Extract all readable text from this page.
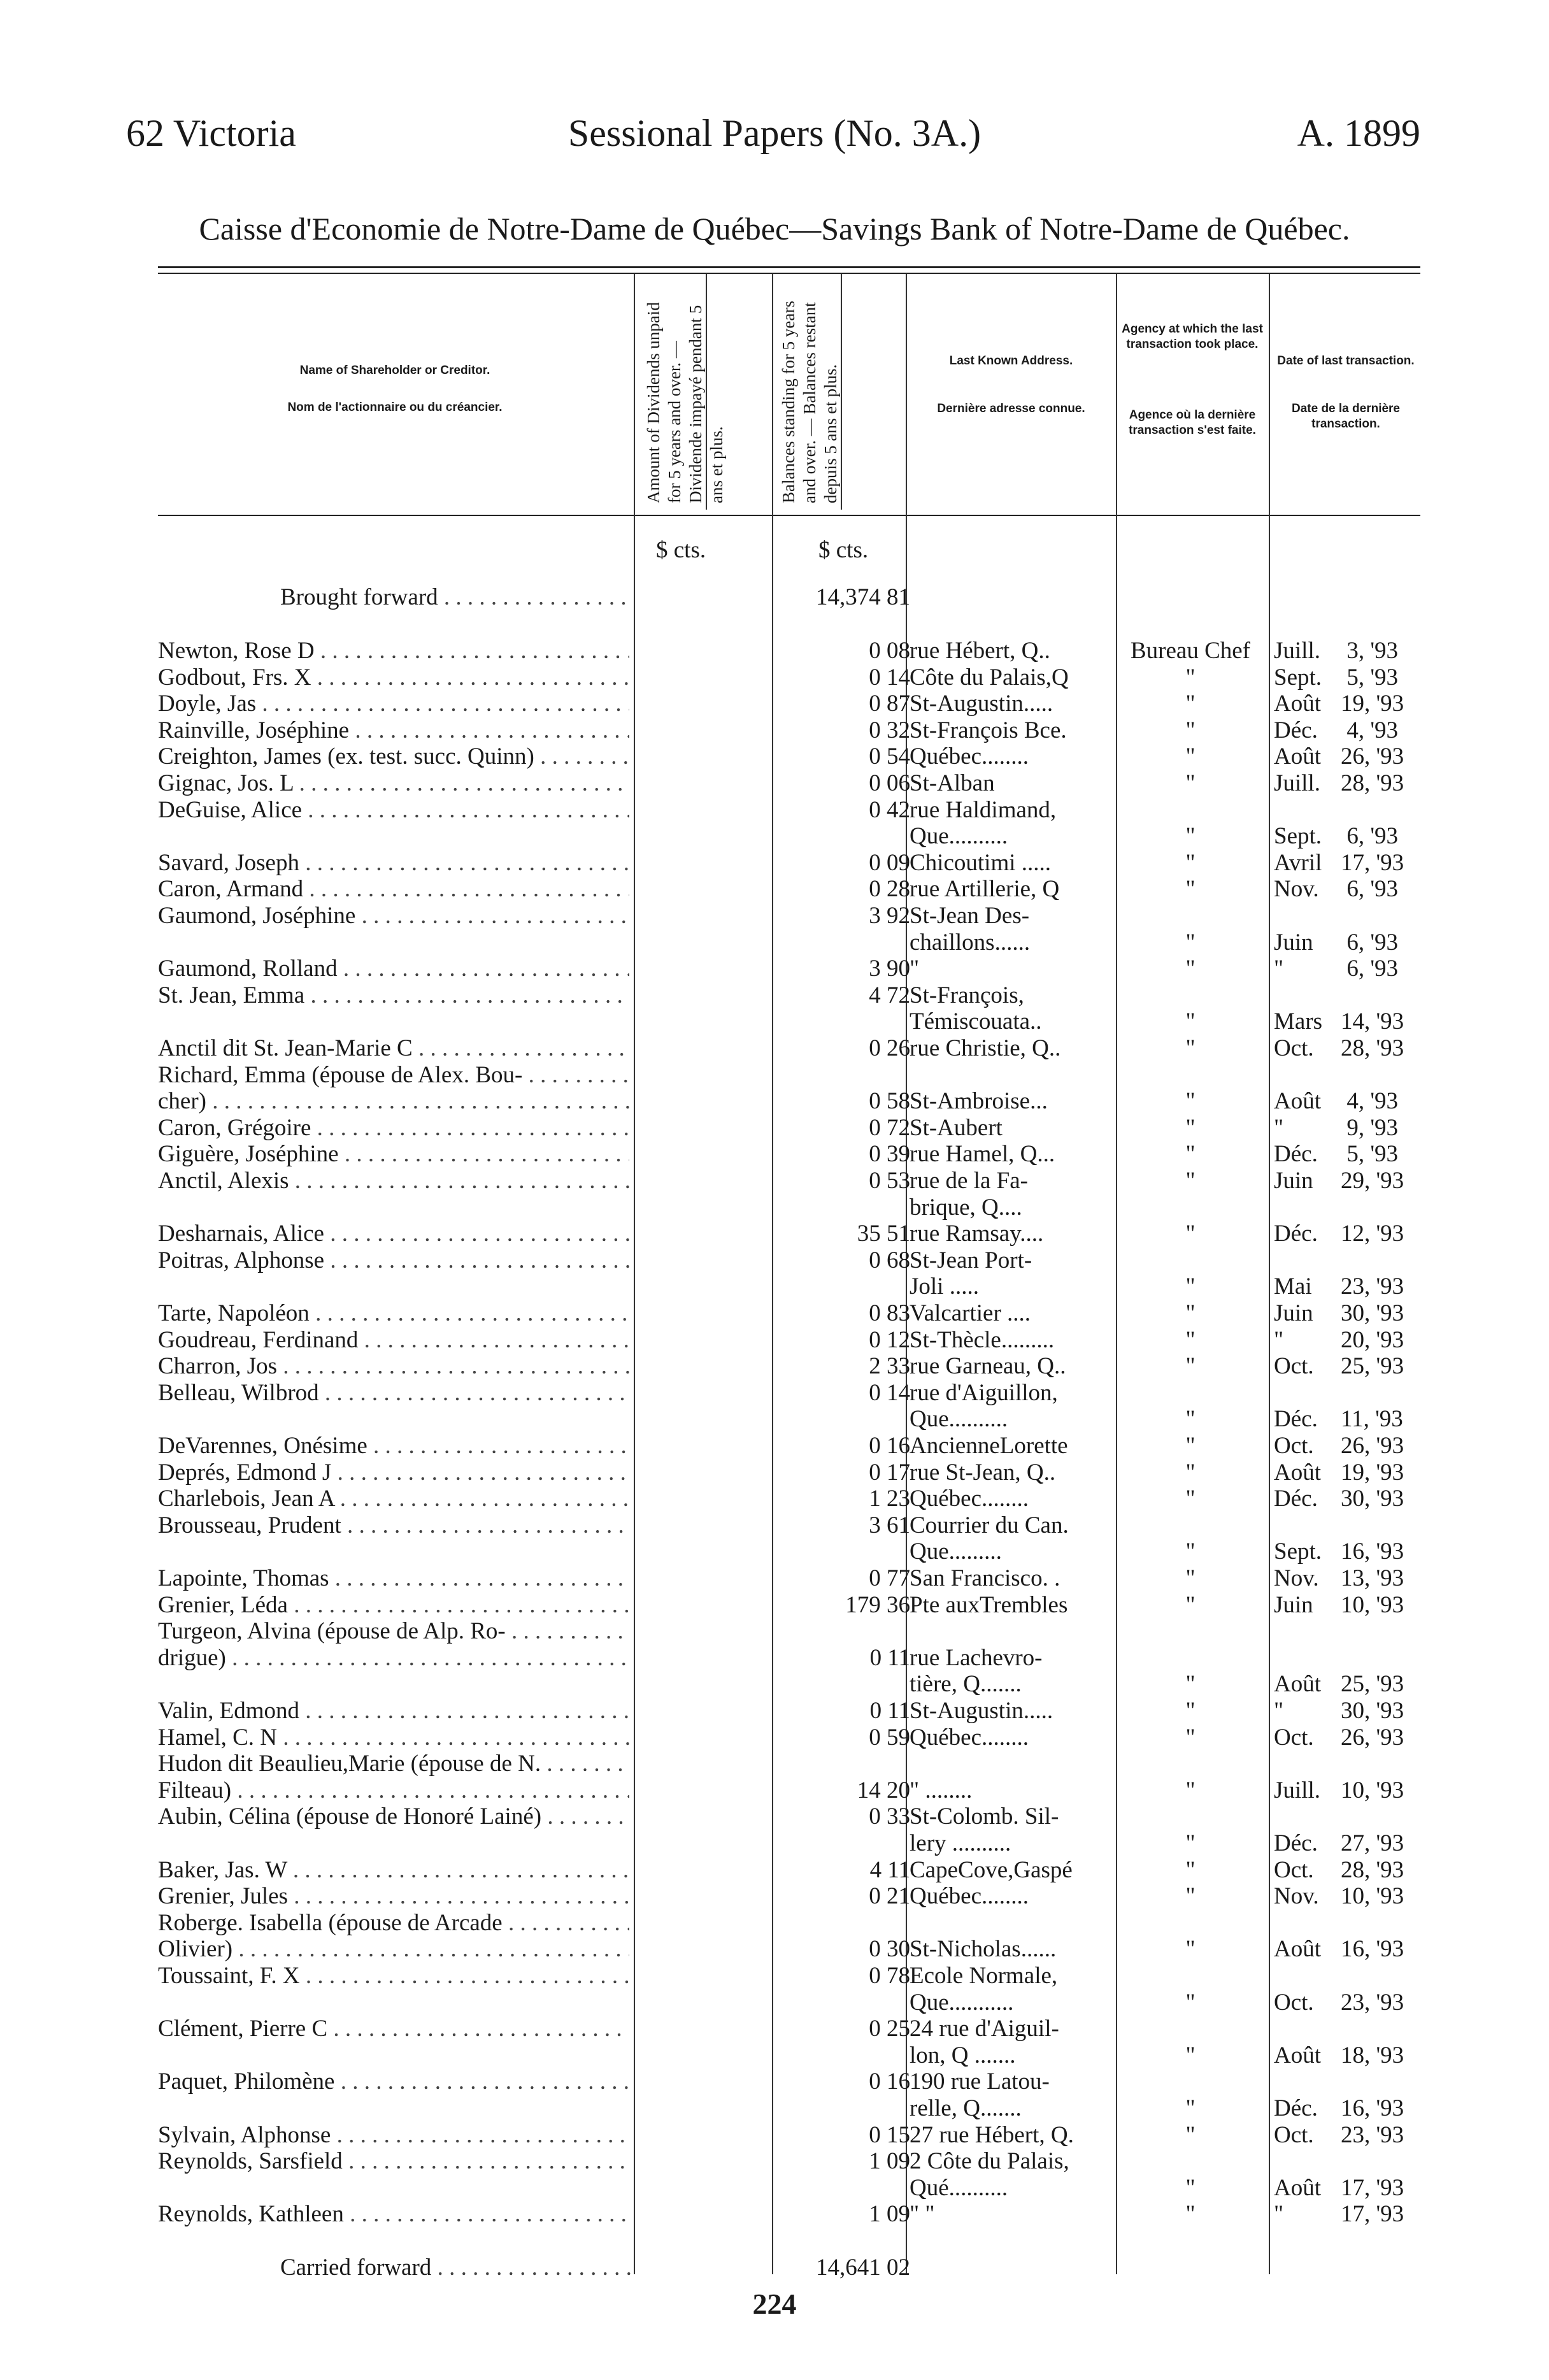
62 Victoria	Sessional Papers (No. 3A.)	A. 1899
Caisse d'Economie de Notre-Dame de Québec—Savings Bank of Notre-Dame de Québec.
Name of Shareholder or Creditor.
Nom de l'actionnaire ou du créancier.	Amount of Dividends unpaid for 5 years and over. — Dividende impayé pendant 5 ans et plus.	Balances standing for 5 years and over. — Balances restant depuis 5 ans et plus.
Last Known Address.
Dernière adresse connue.
Agency at which the last transaction took place.
Agence où la dernière transaction s'est faite.
Date of last transaction.
Date de la dernière transaction.
$ cts.	$ cts.
Brought forward . . .	14,374 81
Newton, Rose D . . .	0 08 rue Hébert, Q..	Bureau Chef Juill. 3, '93
Godbout, Frs. X . . .	0 14 Côte du Palais,Q	"	Sept. 5, '93
Doyle, Jas . . .	0 87 St-Augustin.....	"	Août 19, '93
Rainville, Joséphine . . .	0 32 St-François Bce.	"	Déc. 4, '93
Creighton, James (ex. test. succ. Quinn) . . .	0 54 Québec........	"	Août 26, '93
Gignac, Jos. L . . .	0 06 St-Alban	"	Juill. 28, '93
DeGuise, Alice . . .	0 42 rue Haldimand,
Que..........	"	Sept. 6, '93
Savard, Joseph . . .	0 09 Chicoutimi .....	"	Avril 17, '93
Caron, Armand . . .	0 28 rue Artillerie, Q	"	Nov. 6, '93
Gaumond, Joséphine . . .	3 92 St-Jean Des-
chaillons......	"	Juin 6, '93
Gaumond, Rolland . . .	3 90 "	"	"	6, '93
St. Jean, Emma . . .	4 72 St-François,
Témiscouata..	"	Mars 14, '93
Anctil dit St. Jean-Marie C . . .	0 26 rue Christie, Q..	"	Oct. 28, '93
Richard, Emma (épouse de Alex. Bou- . . .
cher) . . .	0 58 St-Ambroise...	"	Août 4, '93
Caron, Grégoire . . .	0 72 St-Aubert	"	"	9, '93
Giguère, Joséphine . . .	0 39 rue Hamel, Q...	"	Déc. 5, '93
Anctil, Alexis . . .	0 53 rue de la Fa-	"	Juin 29, '93
brique, Q....
Desharnais, Alice . . .	35 51 rue Ramsay....	"	Déc. 12, '93
Poitras, Alphonse . . .	0 68 St-Jean Port-
Joli .....	"	Mai 23, '93
Tarte, Napoléon . . .	0 83 Valcartier ....	"	Juin 30, '93
Goudreau, Ferdinand . . .	0 12 St-Thècle.........	"	" 20, '93
Charron, Jos . . .	2 33 rue Garneau, Q..	"	Oct. 25, '93
Belleau, Wilbrod . . .	0 14 rue d'Aiguillon,
Que..........	"	Déc. 11, '93
DeVarennes, Onésime . . .	0 16 AncienneLorette	"	Oct. 26, '93
Deprés, Edmond J . . .	0 17 rue St-Jean, Q..	"	Août 19, '93
Charlebois, Jean A . . .	1 23 Québec........	"	Déc. 30, '93
Brousseau, Prudent . . .	3 61 Courrier du Can.
Que.........	"	Sept. 16, '93
Lapointe, Thomas . . .	0 77 San Francisco. .	"	Nov. 13, '93
Grenier, Léda . . .	179 36 Pte auxTrembles	"	Juin 10, '93
Turgeon, Alvina (épouse de Alp. Ro- . . .
drigue) . . .	0 11 rue Lachevro-
tière, Q.......	"	Août 25, '93
Valin, Edmond . . .	0 11 St-Augustin.....	"	" 30, '93
Hamel, C. N . . .	0 59 Québec........	"	Oct. 26, '93
Hudon dit Beaulieu,Marie (épouse de N. . . .
Filteau) . . .	14 20 " ........	"	Juill. 10, '93
Aubin, Célina (épouse de Honoré Lainé) . . .	0 33 St-Colomb. Sil-
lery ..........	"	Déc. 27, '93
Baker, Jas. W . . .	4 11 CapeCove,Gaspé	"	Oct. 28, '93
Grenier, Jules . . .	0 21 Québec........	"	Nov. 10, '93
Roberge. Isabella (épouse de Arcade . . .
Olivier) . . .	0 30 St-Nicholas......	"	Août 16, '93
Toussaint, F. X . . .	0 78 Ecole Normale,
Que...........	"	Oct. 23, '93
Clément, Pierre C . . .	0 25 24 rue d'Aiguil-
lon, Q .......	"	Août 18, '93
Paquet, Philomène . . .	0 16 190 rue Latou-
relle, Q.......	"	Déc. 16, '93
Sylvain, Alphonse . . .	0 15 27 rue Hébert, Q.	"	Oct. 23, '93
Reynolds, Sarsfield . . .	1 09 2 Côte du Palais,
Qué..........	"	Août 17, '93
Reynolds, Kathleen . . .	1 09 " "	"	" 17, '93
Carried forward . . .	14,641 02
224
